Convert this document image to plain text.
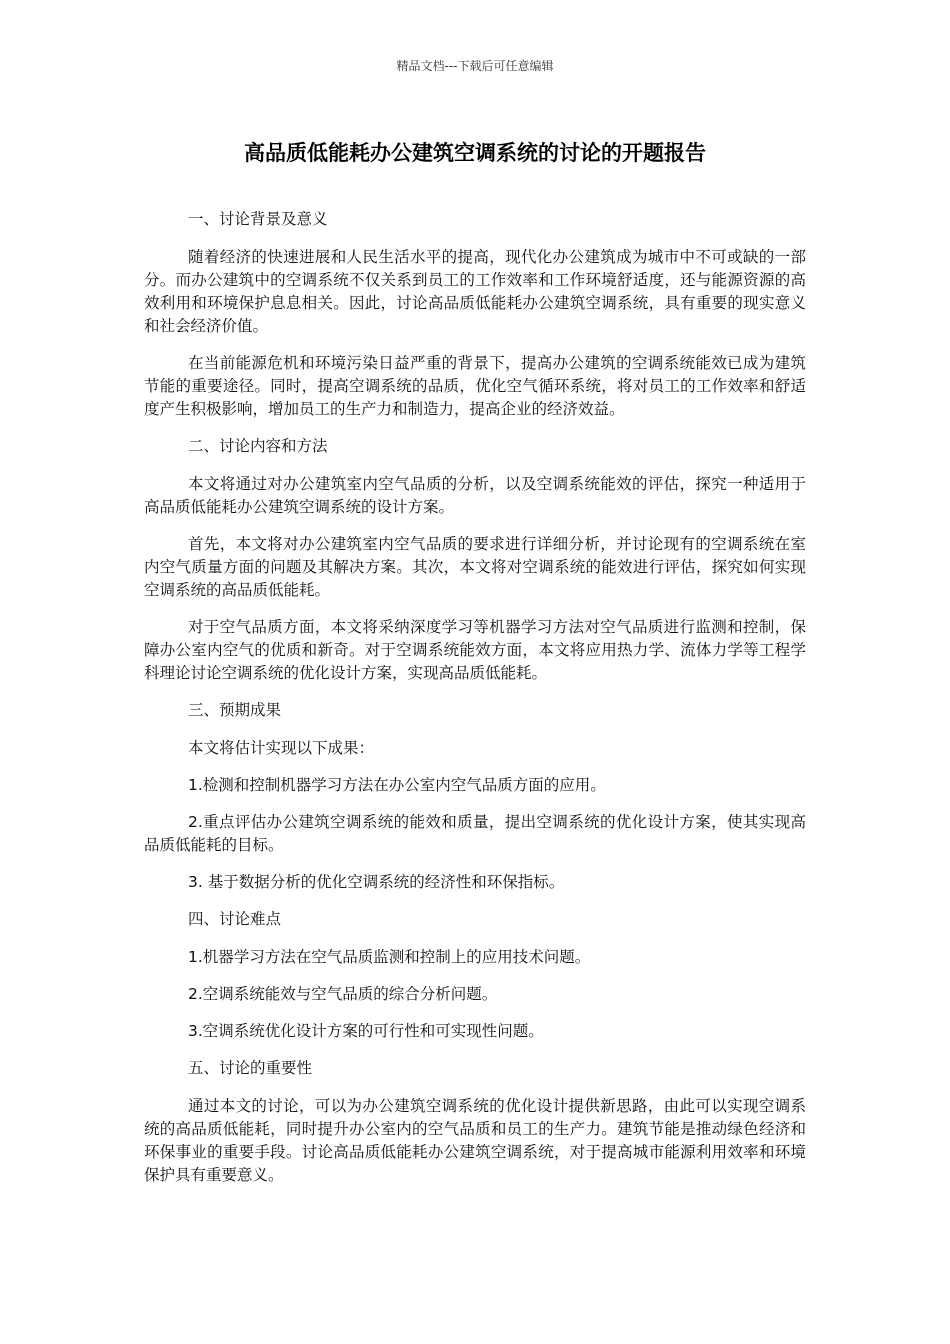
精品文档---下载后可任意编辑
高品质低能耗办公建筑空调系统的讨论的开题报告

一、讨论背景及意义

随着经济的快速进展和人民生活水平的提高，现代化办公建筑成为城市中不可或缺的一部分。而办公建筑中的空调系统不仅关系到员工的工作效率和工作环境舒适度，还与能源资源的高效利用和环境保护息息相关。因此，讨论高品质低能耗办公建筑空调系统，具有重要的现实意义和社会经济价值。

在当前能源危机和环境污染日益严重的背景下，提高办公建筑的空调系统能效已成为建筑节能的重要途径。同时，提高空调系统的品质，优化空气循环系统，将对员工的工作效率和舒适度产生积极影响，增加员工的生产力和制造力，提高企业的经济效益。

二、讨论内容和方法

本文将通过对办公建筑室内空气品质的分析，以及空调系统能效的评估，探究一种适用于高品质低能耗办公建筑空调系统的设计方案。

首先，本文将对办公建筑室内空气品质的要求进行详细分析，并讨论现有的空调系统在室内空气质量方面的问题及其解决方案。其次，本文将对空调系统的能效进行评估，探究如何实现空调系统的高品质低能耗。

对于空气品质方面，本文将采纳深度学习等机器学习方法对空气品质进行监测和控制，保障办公室内空气的优质和新奇。对于空调系统能效方面，本文将应用热力学、流体力学等工程学科理论讨论空调系统的优化设计方案，实现高品质低能耗。

三、预期成果

本文将估计实现以下成果：

1.检测和控制机器学习方法在办公室内空气品质方面的应用。

2.重点评估办公建筑空调系统的能效和质量，提出空调系统的优化设计方案，使其实现高品质低能耗的目标。

3. 基于数据分析的优化空调系统的经济性和环保指标。

四、讨论难点

1.机器学习方法在空气品质监测和控制上的应用技术问题。

2.空调系统能效与空气品质的综合分析问题。

3.空调系统优化设计方案的可行性和可实现性问题。

五、讨论的重要性

通过本文的讨论，可以为办公建筑空调系统的优化设计提供新思路，由此可以实现空调系统的高品质低能耗，同时提升办公室内的空气品质和员工的生产力。建筑节能是推动绿色经济和环保事业的重要手段。讨论高品质低能耗办公建筑空调系统，对于提高城市能源利用效率和环境保护具有重要意义。
